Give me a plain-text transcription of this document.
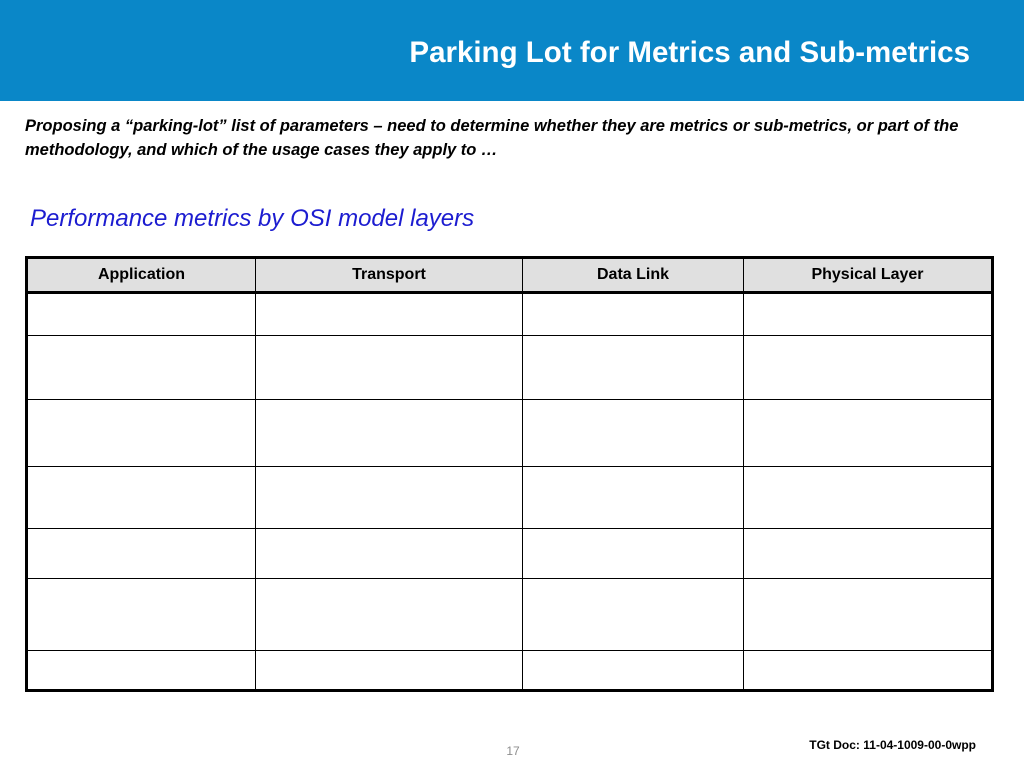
Parking Lot for Metrics and Sub-metrics

Proposing a “parking-lot” list of parameters – need to determine whether they are metrics or sub-metrics, or part of the methodology, and which of the usage cases they apply to …

Performance metrics by OSI model layers
Application	Transport	Data Link	Physical Layer

17	TGt Doc: 11-04-1009-00-0wpp
